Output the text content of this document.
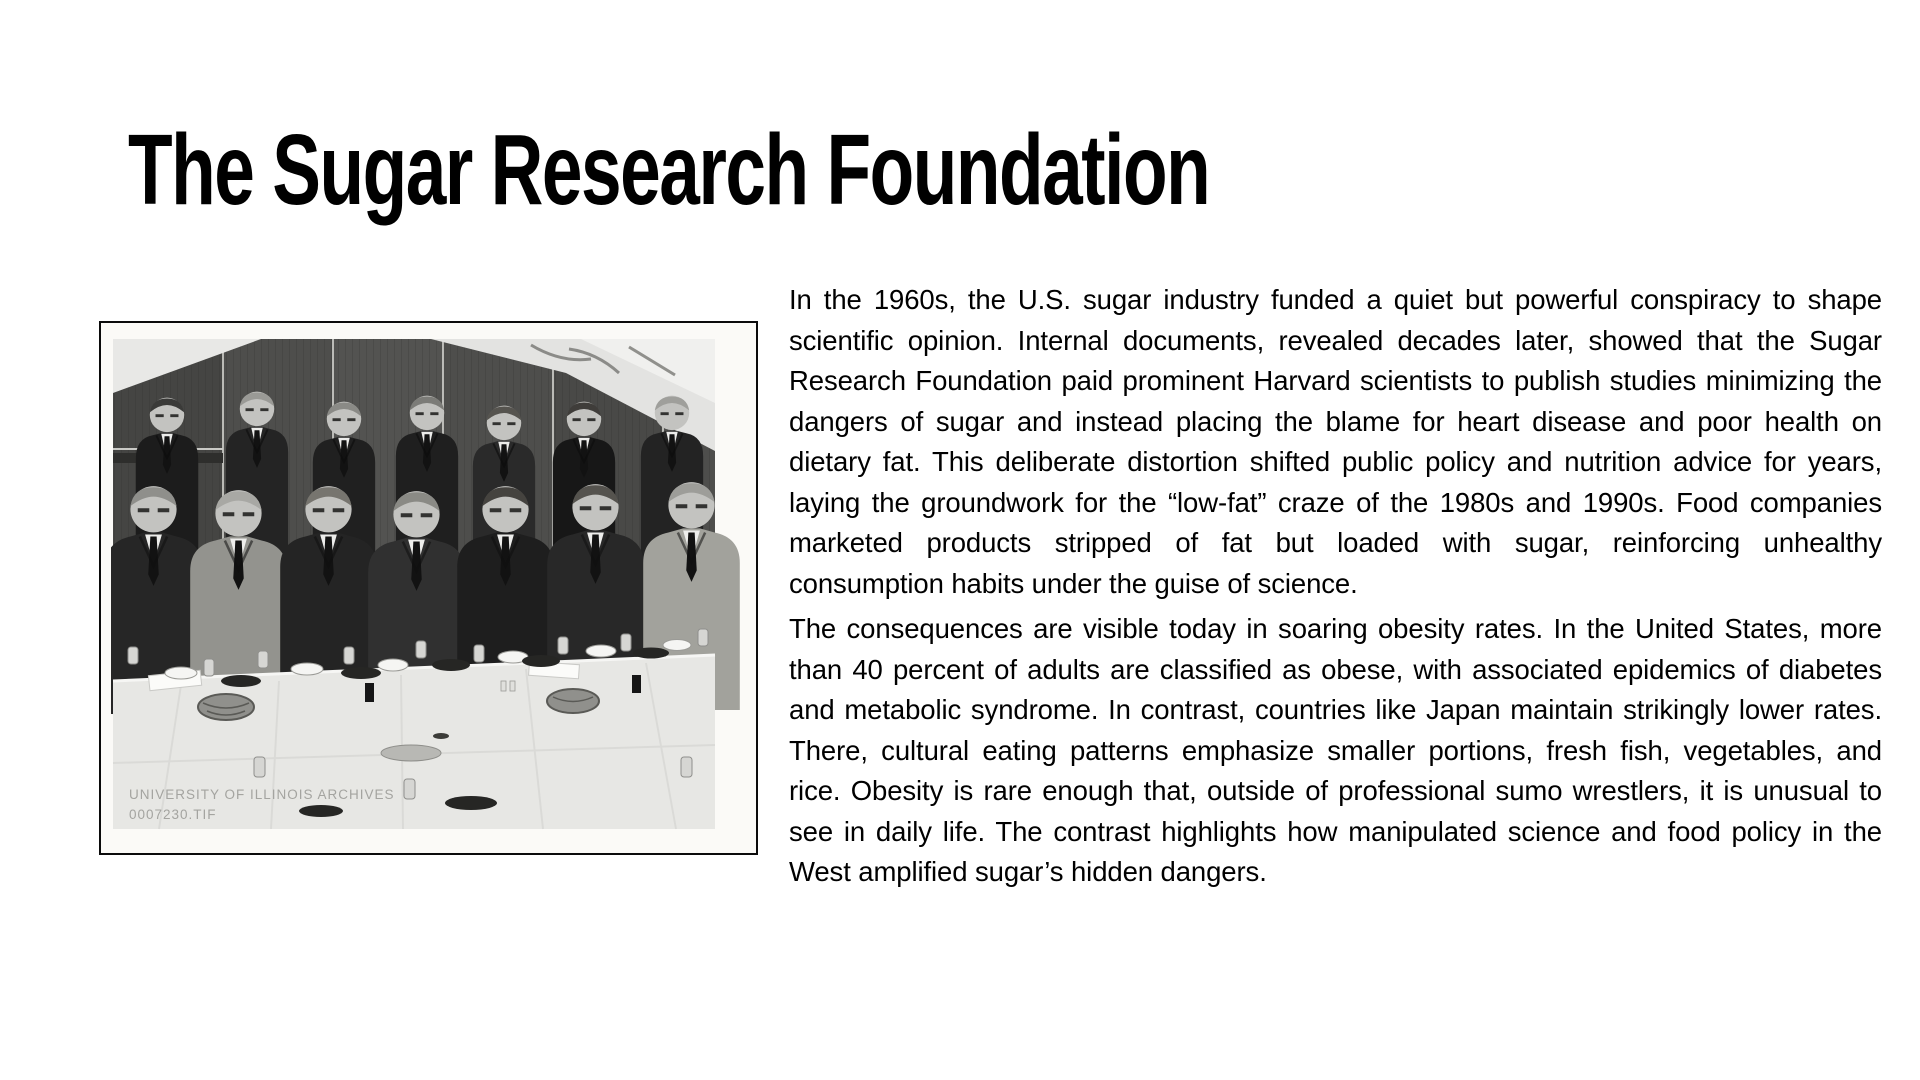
The Sugar Research Foundation
UNIVERSITY OF ILLINOIS ARCHIVES
0007230.TIF

In the 1960s, the U.S. sugar industry funded a quiet but powerful conspiracy to shape scientific opinion. Internal documents, revealed decades later, showed that the Sugar Research Foundation paid prominent Harvard scientists to publish studies minimizing the dangers of sugar and instead placing the blame for heart disease and poor health on dietary fat. This deliberate distortion shifted public policy and nutrition advice for years, laying the groundwork for the “low-fat” craze of the 1980s and 1990s. Food companies marketed products stripped of fat but loaded with sugar, reinforcing unhealthy consumption habits under the guise of science.

The consequences are visible today in soaring obesity rates. In the United States, more than 40 percent of adults are classified as obese, with associated epidemics of diabetes and metabolic syndrome. In contrast, countries like Japan maintain strikingly lower rates. There, cultural eating patterns emphasize smaller portions, fresh fish, vegetables, and rice. Obesity is rare enough that, outside of professional sumo wrestlers, it is unusual to see in daily life. The contrast highlights how manipulated science and food policy in the West amplified sugar’s hidden dangers.
